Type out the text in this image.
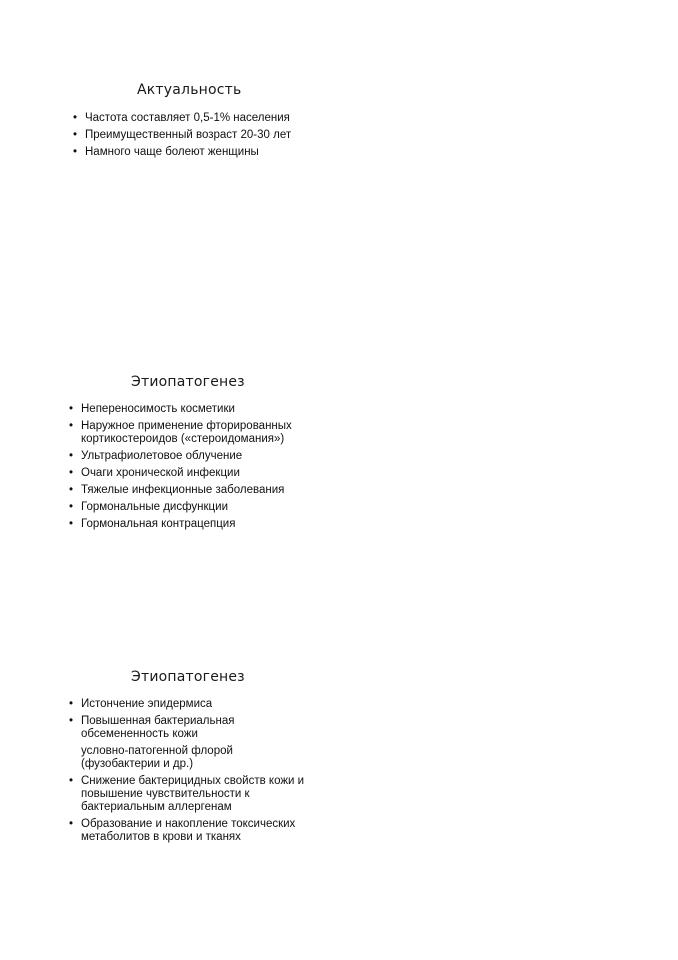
Актуальность
• Частота составляет 0,5-1% населения
• Преимущественный возраст 20-30 лет
• Намного чаще болеют женщины
Этиопатогенез
• Непереносимость косметики
• Наружное применение фторированных
кортикостероидов («стероидомания»)
• Ультрафиолетовое облучение
• Очаги хронической инфекции
• Тяжелые инфекционные заболевания
• Гормональные дисфункции
• Гормональная контрацепция
Этиопатогенез
• Истончение эпидермиса
• Повышенная бактериальная
обсемененность кожи
условно-патогенной флорой
(фузобактерии и др.)
• Снижение бактерицидных свойств кожи и
повышение чувствительности к
бактериальным аллергенам
• Образование и накопление токсических
метаболитов в крови и тканях
